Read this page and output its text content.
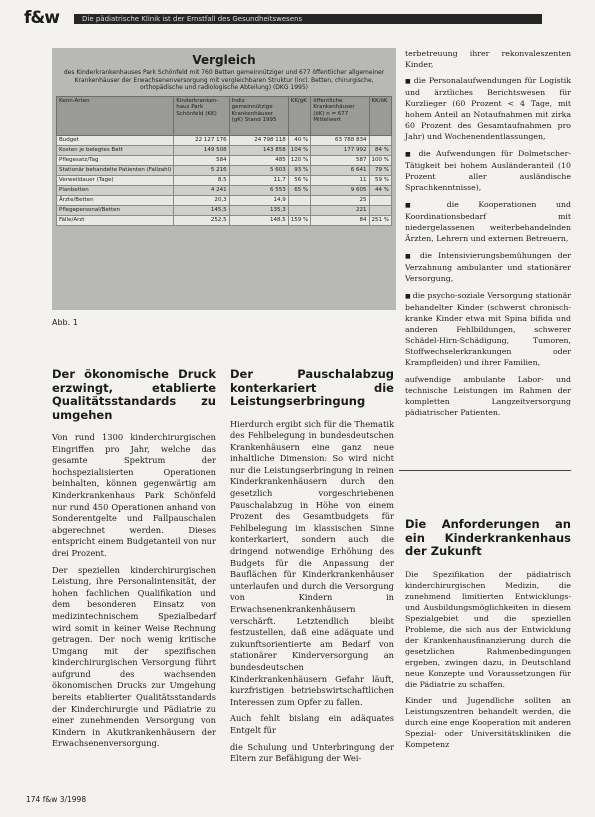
f&w	Die pädiatrische Klinik ist der Ernstfall des Gesundheitswesens
Vergleich
des Kinderkrankenhauses Park Schönfeld mit 760 Betten gemeinnütziger und 677 öffentlicher allgemeiner Krankenhäuser der Erwachsenenversorgung mit vergleichbaren Struktur (incl. Betten, chirurgische, orthopädische und radiologische Abteilung) (DKG 1995)
Kenn-Arten	Kinderkranken-haus Park Schönfeld (KK)	Indiz gemeinnützige Krankenhäuser (gK) Stand 1995	KK/gK	öffentliche Krankenhäuser (öK) n = 677 Mittelwert	KK/öK
Budget	22 127 176	24 798 118	40 %	63 788 834	
Kosten je belegtes Bett	149 508	143 858	104 %	177 992	84 %
Pflegesatz/Tag	584	485	120 %	587	100 %
Stationär behandelte Patienten (Fallzahl)	5 216	5 603	93 %	6 641	79 %
Verweildauer (Tage)	8,5	11,7	56 %	11	59 %
Planbetten	4 241	6 553	65 %	9 605	44 %
Ärzte/Betten	20,3	14,9		25	
Pflegepersonal/Betten	145,5	135,3		221	
Fälle/Arzt	252,5	148,5	159 %	84	251 %
Abb. 1
Der ökonomische Druck erzwingt, etablierte Qualitätsstandards zu umgehen

Von rund 1300 kinderchirurgischen Eingriffen pro Jahr, welche das gesamte Spektrum der hochspezialisierten Operationen beinhalten, können gegenwärtig am Kinderkrankenhaus Park Schönfeld nur rund 450 Operationen anhand von Sonderentgelte und Fallpauschalen abgerechnet werden. Dieses entspricht einem Budgetanteil von nur drei Prozent.

Der speziellen kinderchirurgischen Leistung, ihre Personalintensität, der hohen fachlichen Qualifikation und dem besonderen Einsatz von medizintechnischem Spezialbedarf wird somit in keiner Weise Rechnung getragen. Der noch wenig kritische Umgang mit der spezifischen kinderchirurgischen Versorgung führt aufgrund des wachsenden ökonomischen Drucks zur Umgehung bereits etablierter Qualitätsstandards der Kinderchirurgie und Pädiatrie zu einer zunehmenden Versorgung von Kindern in Akutkrankenhäusern der Erwachsenenversorgung.

Der Pauschalabzug konterkariert die Leistungserbringung

Hierdurch ergibt sich für die Thematik des Fehlbelegung in bundesdeutschen Krankenhäusern eine ganz neue inhaltliche Dimension: So wird nicht nur die Leistungserbringung in reinen Kinderkrankenhäusern durch den gesetzlich vorgeschriebenen Pauschalabzug in Höhe von einem Prozent des Gesamtbudgets für Fehlbelegung im klassischen Sinne konterkariert, sondern auch die dringend notwendige Erhöhung des Budgets für die Anpassung der Bauflächen für Kinderkrankenhäuser unterlaufen und durch die Versorgung von Kindern in Erwachsenenkrankenhäusern verschärft. Letztendlich bleibt festzustellen, daß eine adäquate und zukunftsorientierte am Bedarf von stationärer Kinderversorgung an bundesdeutschen Kinderkrankenhäusern Gefahr läuft, kurzfristigen betriebswirtschaftlichen Interessen zum Opfer zu fallen.

Auch fehlt bislang ein adäquates Entgelt für

die Schulung und Unterbringung der Eltern zur Befähigung der Wei-

terbetreuung ihrer rekonvaleszenten Kinder,

■ die Personalaufwendungen für Logistik und ärztliches Berichtswesen für Kurzlieger (60 Prozent < 4 Tage, mit hohem Anteil an Notaufnahmen mit zirka 60 Prozent des Gesamtaufnahmen pro Jahr) und Wochenendentlassungen,
■ die Aufwendungen für Dolmetscher-Tätigkeit bei hohem Ausländeranteil (10 Prozent aller ausländische Sprachkenntnisse),
■ die Kooperationen und Koordinationsbedarf mit niedergelassenen weiterbehandelnden Ärzten, Lehrern und externen Betreuern,
■ die Intensivierungsbemühungen der Verzahnung ambulanter und stationärer Versorgung,
■ die psycho-soziale Versorgung stationär behandelter Kinder (schwerst chronisch-kranke Kinder etwa mit Spina bifida und anderen Fehlbildungen, schwerer Schädel-Hirn-Schädigung, Tumoren, Stoffwechselerkrankungen oder Krampfleiden) und ihrer Familien,

aufwendige ambulante Labor- und technische Leistungen im Rahmen der kompletten Langzeitversorgung pädiatrischer Patienten.

Die Anforderungen an ein Kinderkrankenhaus der Zukunft

Die Spezifikation der pädiatrisch kinderchirurgischen Medizin, die zunehmend limitierten Entwicklungs- und Ausbildungsmöglichkeiten in diesem Spezialgebiet und die speziellen Probleme, die sich aus der Entwicklung der Krankenhausfinanzierung durch die gesetzlichen Rahmenbedingungen ergeben, zwingen dazu, in Deutschland neue Konzepte und Voraussetzungen für die Pädiatrie zu schaffen.

Kinder und Jugendliche sollten an Leistungszentren behandelt werden, die durch eine enge Kooperation mit anderen Spezial- oder Universitätskliniken die Kompetenz

174 f&w 3/1998
